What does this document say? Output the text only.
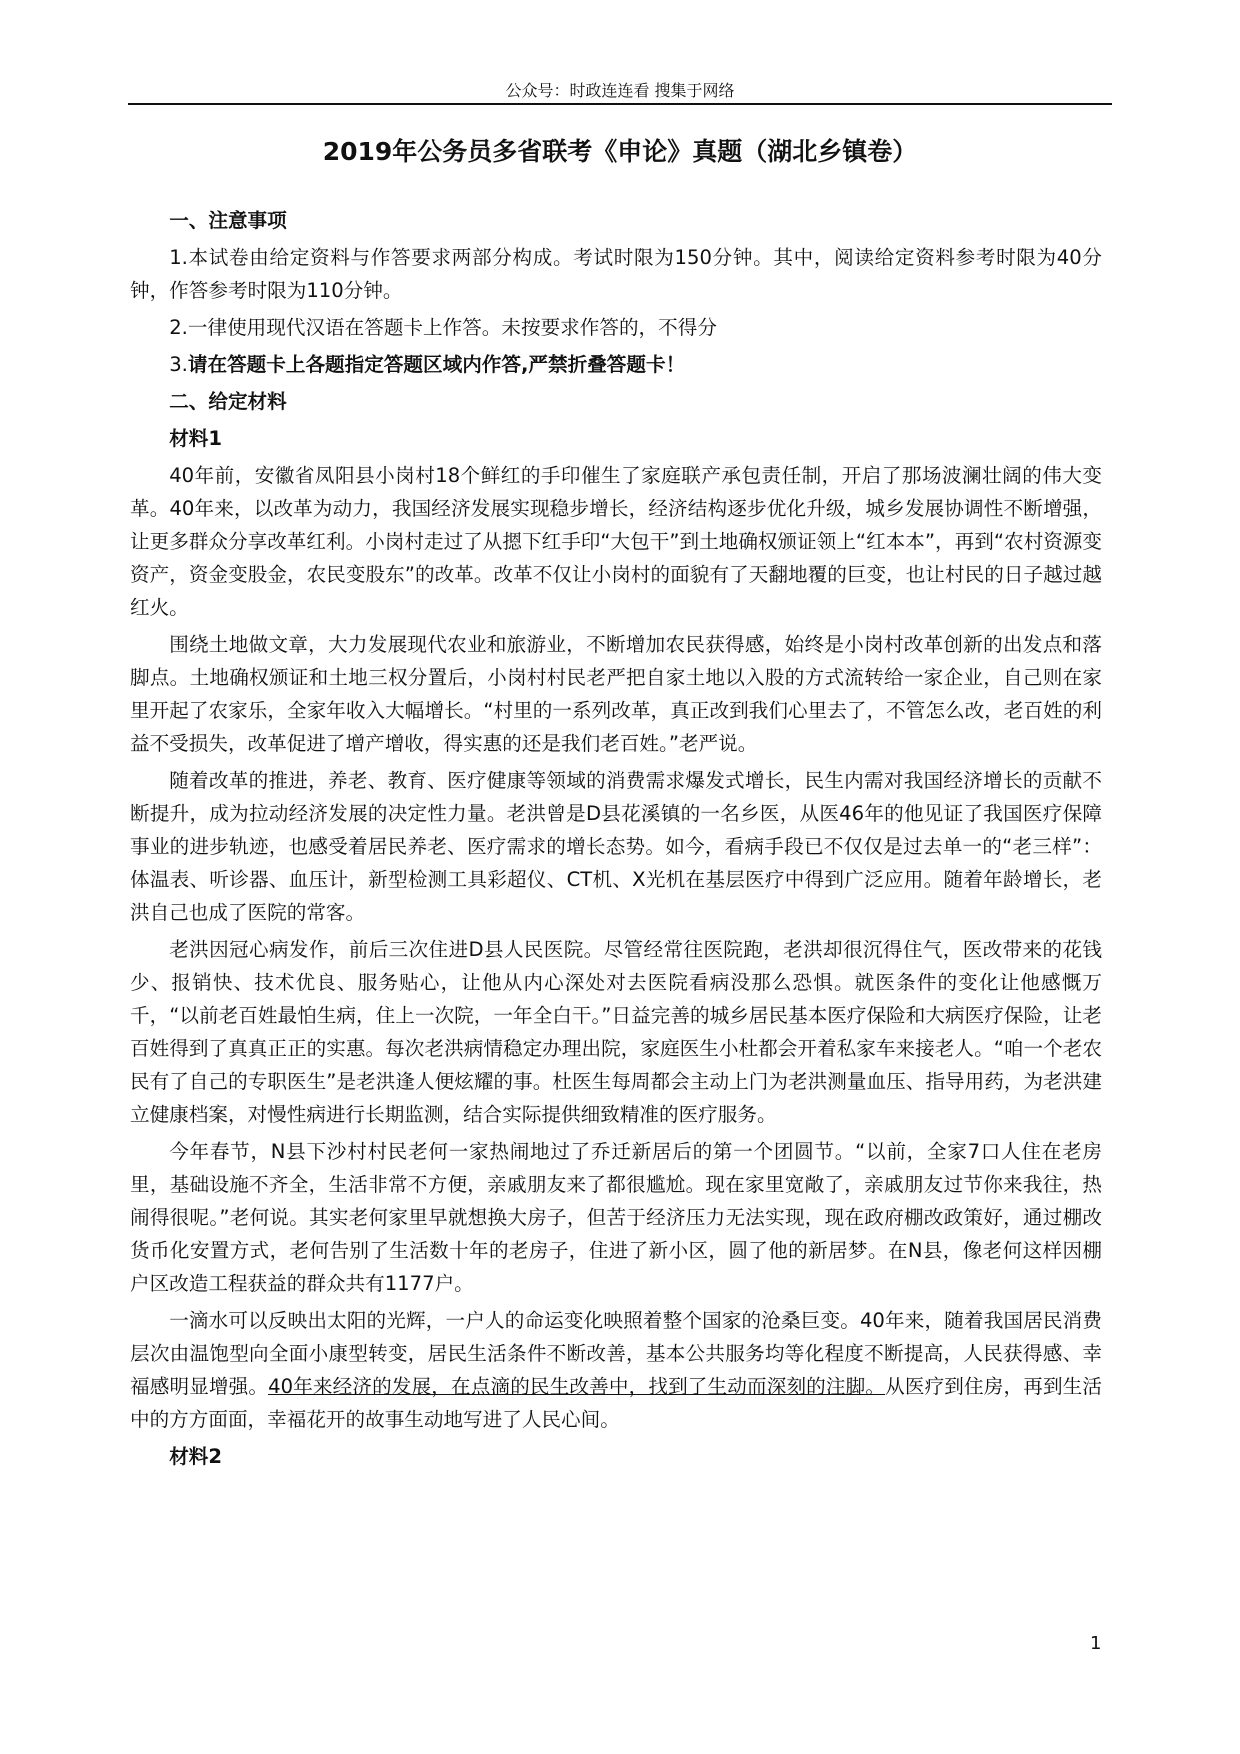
公众号：时政连连看 搜集于网络
2019年公务员多省联考《申论》真题（湖北乡镇卷）

一、注意事项

1.本试卷由给定资料与作答要求两部分构成。考试时限为150分钟。其中，阅读给定资料参考时限为40分钟，作答参考时限为110分钟。

2.一律使用现代汉语在答题卡上作答。未按要求作答的，不得分

3.请在答题卡上各题指定答题区域内作答,严禁折叠答题卡！

二、给定材料

材料1

40年前，安徽省凤阳县小岗村18个鲜红的手印催生了家庭联产承包责任制，开启了那场波澜壮阔的伟大变革。40年来，以改革为动力，我国经济发展实现稳步增长，经济结构逐步优化升级，城乡发展协调性不断增强，让更多群众分享改革红利。小岗村走过了从摁下红手印“大包干”到土地确权颁证领上“红本本”，再到“农村资源变资产，资金变股金，农民变股东”的改革。改革不仅让小岗村的面貌有了天翻地覆的巨变，也让村民的日子越过越红火。

围绕土地做文章，大力发展现代农业和旅游业，不断增加农民获得感，始终是小岗村改革创新的出发点和落脚点。土地确权颁证和土地三权分置后，小岗村村民老严把自家土地以入股的方式流转给一家企业，自己则在家里开起了农家乐，全家年收入大幅增长。“村里的一系列改革，真正改到我们心里去了，不管怎么改，老百姓的利益不受损失，改革促进了增产增收，得实惠的还是我们老百姓。”老严说。

随着改革的推进，养老、教育、医疗健康等领域的消费需求爆发式增长，民生内需对我国经济增长的贡献不断提升，成为拉动经济发展的决定性力量。老洪曾是D县花溪镇的一名乡医，从医46年的他见证了我国医疗保障事业的进步轨迹，也感受着居民养老、医疗需求的增长态势。如今，看病手段已不仅仅是过去单一的“老三样”：体温表、听诊器、血压计，新型检测工具彩超仪、CT机、X光机在基层医疗中得到广泛应用。随着年龄增长，老洪自己也成了医院的常客。

老洪因冠心病发作，前后三次住进D县人民医院。尽管经常往医院跑，老洪却很沉得住气，医改带来的花钱少、报销快、技术优良、服务贴心，让他从内心深处对去医院看病没那么恐惧。就医条件的变化让他感慨万千，“以前老百姓最怕生病，住上一次院，一年全白干。”日益完善的城乡居民基本医疗保险和大病医疗保险，让老百姓得到了真真正正的实惠。每次老洪病情稳定办理出院，家庭医生小杜都会开着私家车来接老人。“咱一个老农民有了自己的专职医生”是老洪逢人便炫耀的事。杜医生每周都会主动上门为老洪测量血压、指导用药，为老洪建立健康档案，对慢性病进行长期监测，结合实际提供细致精准的医疗服务。

今年春节，N县下沙村村民老何一家热闹地过了乔迁新居后的第一个团圆节。“以前，全家7口人住在老房里，基础设施不齐全，生活非常不方便，亲戚朋友来了都很尴尬。现在家里宽敞了，亲戚朋友过节你来我往，热闹得很呢。”老何说。其实老何家里早就想换大房子，但苦于经济压力无法实现，现在政府棚改政策好，通过棚改货币化安置方式，老何告别了生活数十年的老房子，住进了新小区，圆了他的新居梦。在N县，像老何这样因棚户区改造工程获益的群众共有1177户。

一滴水可以反映出太阳的光辉，一户人的命运变化映照着整个国家的沧桑巨变。40年来，随着我国居民消费层次由温饱型向全面小康型转变，居民生活条件不断改善，基本公共服务均等化程度不断提高，人民获得感、幸福感明显增强。40年来经济的发展，在点滴的民生改善中，找到了生动而深刻的注脚。从医疗到住房，再到生活中的方方面面，幸福花开的故事生动地写进了人民心间。

材料2

1
